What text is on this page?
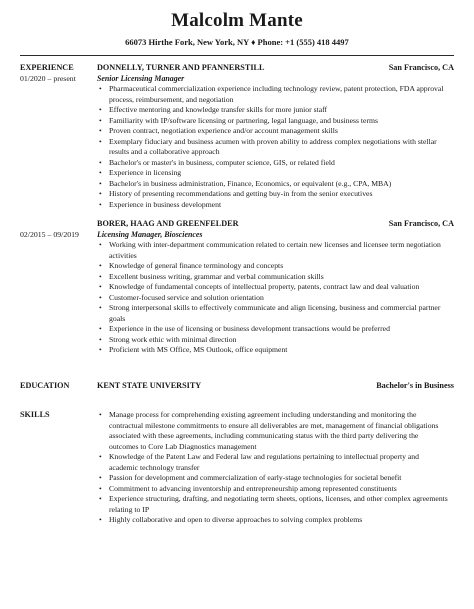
Malcolm Mante
66073 Hirthe Fork, New York, NY ♦ Phone: +1 (555) 418 4497
EXPERIENCE
01/2020 – present
DONNELLY, TURNER AND PFANNERSTILL	San Francisco, CA
Senior Licensing Manager
• Pharmaceutical commercialization experience including technology review, patent protection, FDA approval process, reimbursement, and negotiation
• Effective mentoring and knowledge transfer skills for more junior staff
• Familiarity with IP/software licensing or partnering, legal language, and business terms
• Proven contract, negotiation experience and/or account management skills
• Exemplary fiduciary and business acumen with proven ability to address complex negotiations with stellar results and a collaborative approach
• Bachelor's or master's in business, computer science, GIS, or related field
• Experience in licensing
• Bachelor's in business administration, Finance, Economics, or equivalent (e.g., CPA, MBA)
• History of presenting recommendations and getting buy-in from the senior executives
• Experience in business development
02/2015 – 09/2019
BORER, HAAG AND GREENFELDER	San Francisco, CA
Licensing Manager, Biosciences
• Working with inter-department communication related to certain new licenses and licensee term negotiation activities
• Knowledge of general finance terminology and concepts
• Excellent business writing, grammar and verbal communication skills
• Knowledge of fundamental concepts of intellectual property, patents, contract law and deal valuation
• Customer-focused service and solution orientation
• Strong interpersonal skills to effectively communicate and align licensing, business and commercial partner goals
• Experience in the use of licensing or business development transactions would be preferred
• Strong work ethic with minimal direction
• Proficient with MS Office, MS Outlook, office equipment
EDUCATION	KENT STATE UNIVERSITY	Bachelor's in Business
SKILLS
•	Manage process for comprehending existing agreement including understanding and monitoring the contractual milestone commitments to ensure all deliverables are met, management of financial obligations associated with these agreements, including communicating status with the third party delivering the outcomes to Core Lab Diagnostics management
• Knowledge of the Patent Law and Federal law and regulations pertaining to intellectual property and academic technology transfer
• Passion for development and commercialization of early-stage technologies for societal benefit
• Commitment to advancing inventorship and entrepreneurship among represented constituents
• Experience structuring, drafting, and negotiating term sheets, options, licenses, and other complex agreements relating to IP
• Highly collaborative and open to diverse approaches to solving complex problems
